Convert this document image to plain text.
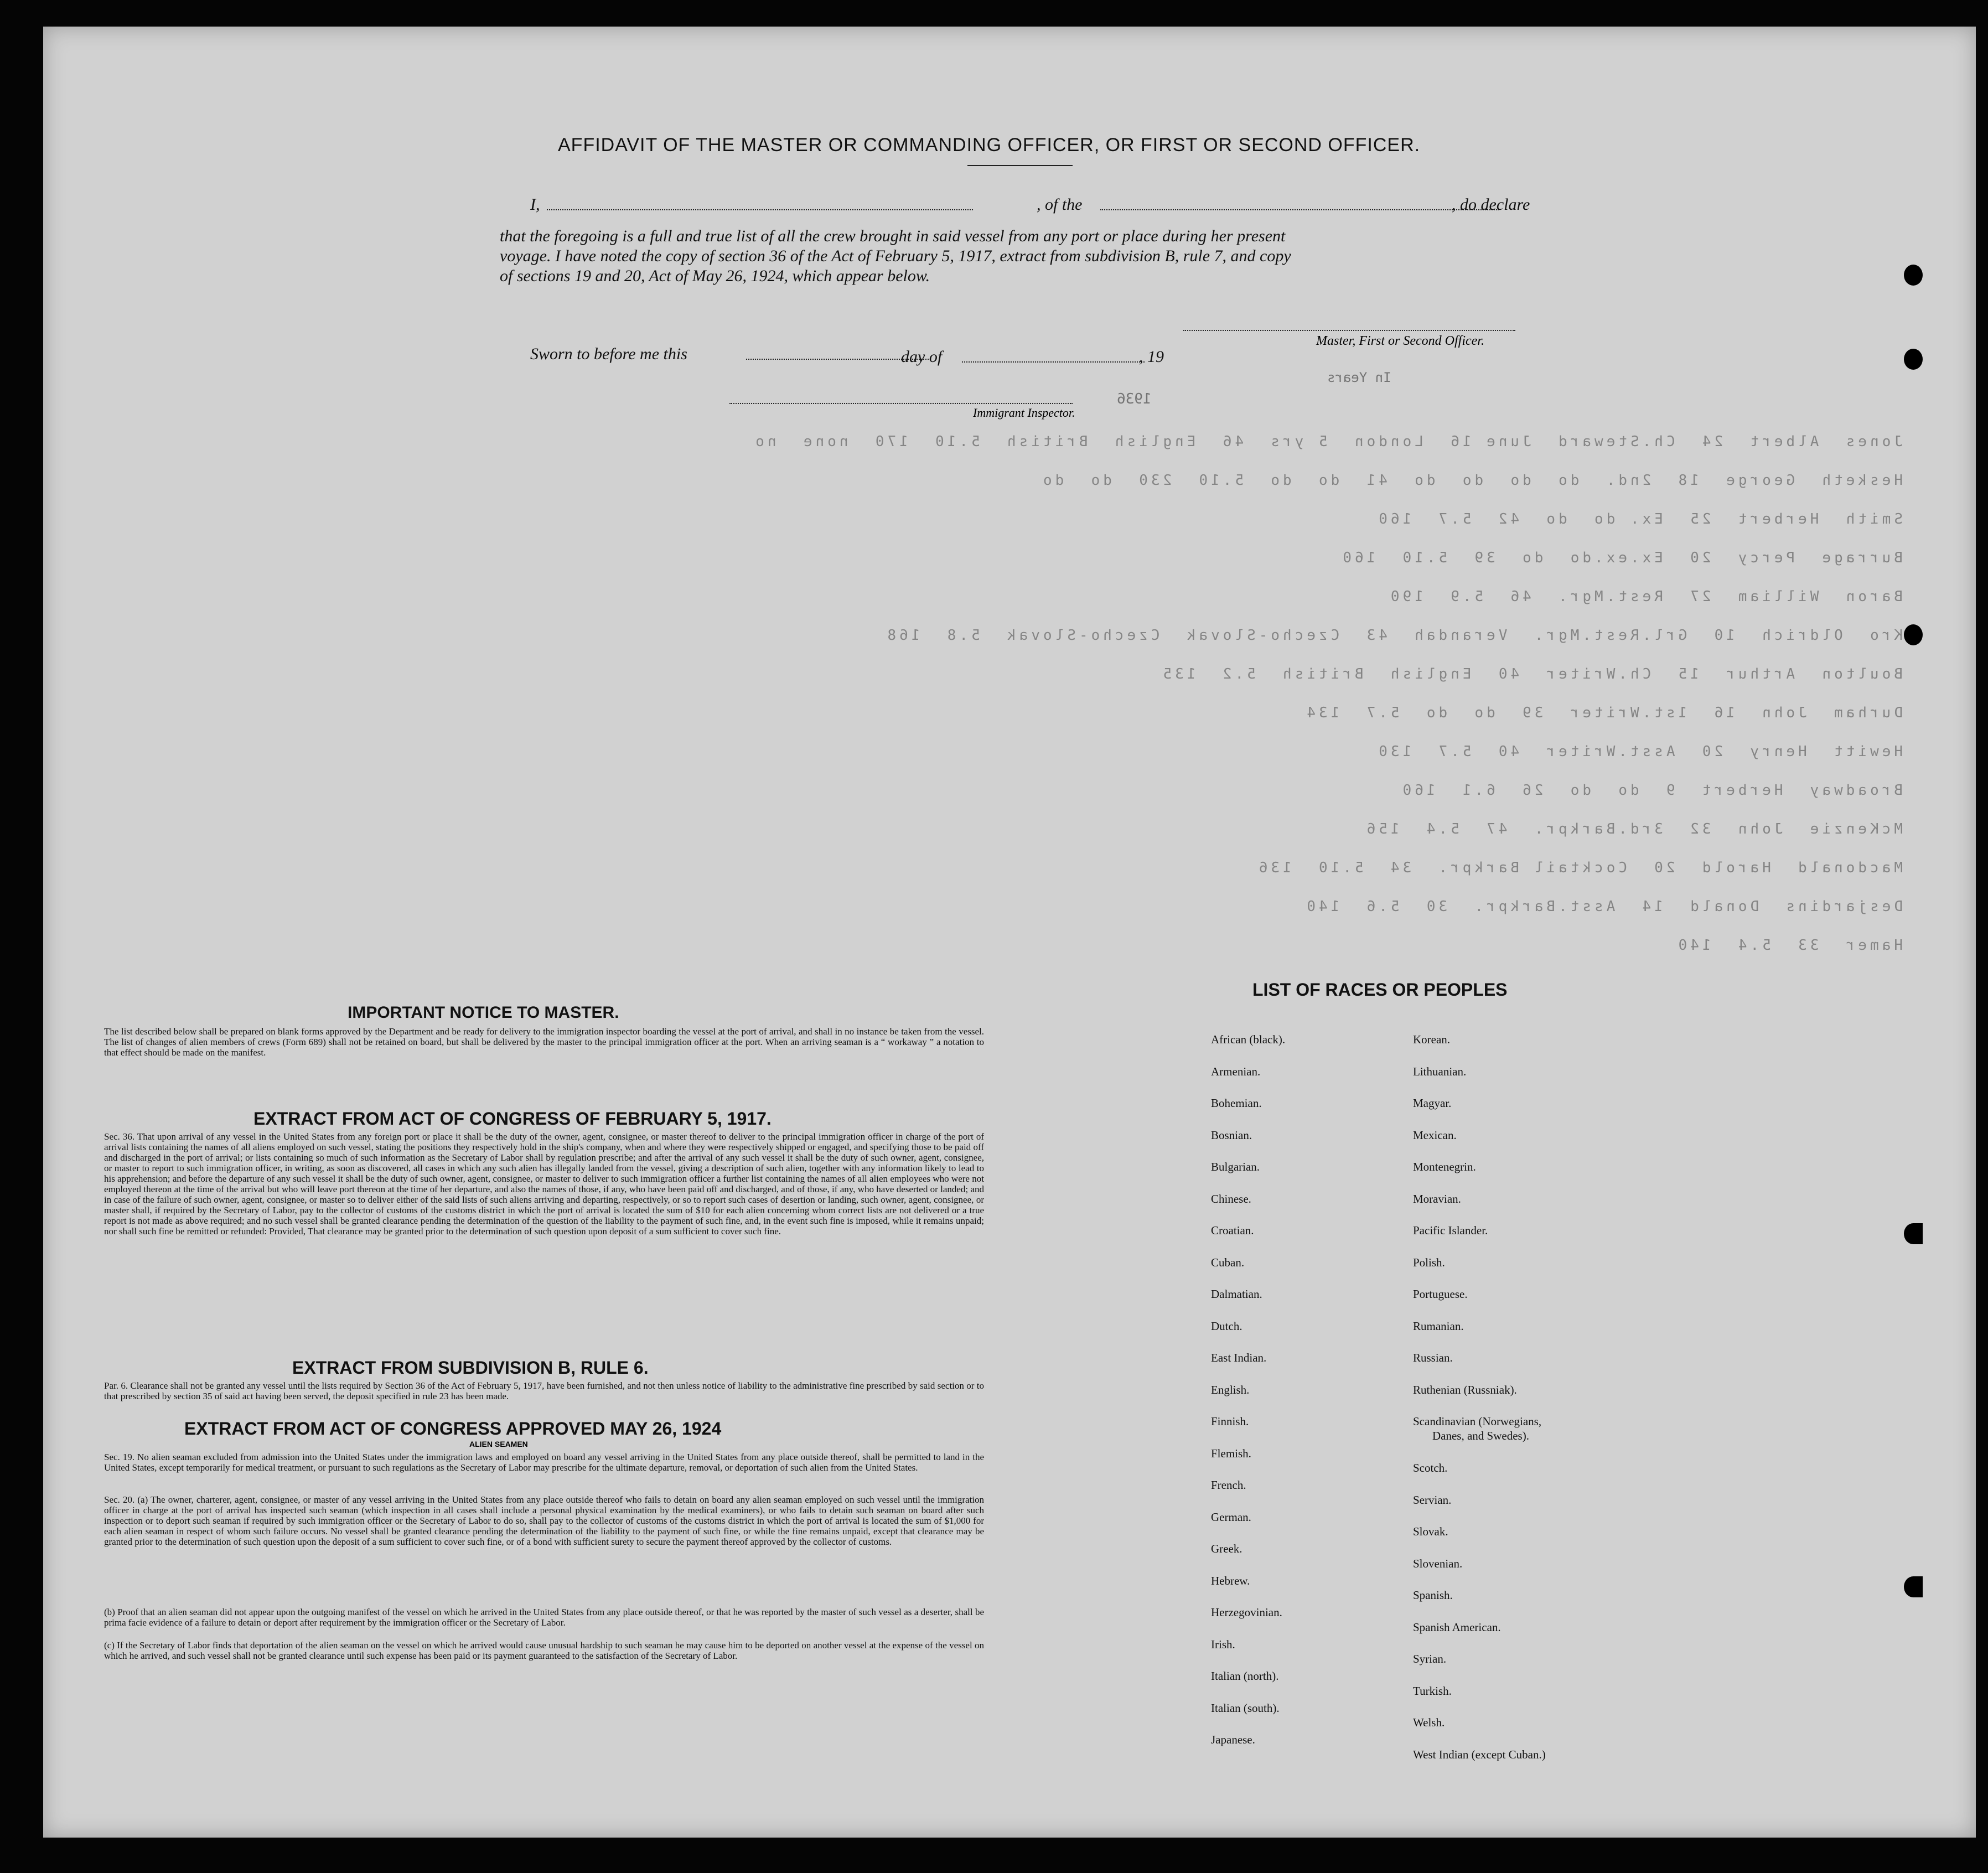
AFFIDAVIT OF THE MASTER OR COMMANDING OFFICER, OR FIRST OR SECOND OFFICER.
I,	, of the	, do declare
that the foregoing is a full and true list of all the crew brought in said vessel from any port or place during her present
voyage. I have noted the copy of section 36 of the Act of February 5, 1917, extract from subdivision B, rule 7, and copy
of sections 19 and 20, Act of May 26, 1924, which appear below.
Master, First or Second Officer.
Sworn to before me this	day of	, 19
Immigrant Inspector.
1936
In Years
Jones  Albert  24  Ch.Steward  June 16  London  5 yrs  46  English  British  5.10  170  none  no
Hesketh  George  18  2nd.  do  do  do  do  41  do  do  5.10  230  do  do
Smith  Herbert  25  Ex. do  do  42  5.7  160
Burrage  Percy  20  Ex.ex.do  do  39  5.10  160
Baron  William  27  Rest.Mgr.  46  5.9  190
Kro  Oldrich  10  Grl.Rest.Mgr.  Verandah  43  Czecho-Slovak  Czecho-Slovak  5.8  168
Boulton  Arthur  15  Ch.Writer  40  English  British  5.2  135
Durham  John  16  1st.Writer  39  do  do  5.7  134
Hewitt  Henry  20  Asst.Writer  40  5.7  130
Broadway  Herbert  9  do  do  26  6.1  160
McKenzie  John  32  3rd.Barkpr.  47  5.4  156
Macdonald  Harold  20  Cocktail Barkpr.  34  5.10  136
Desjardins  Donald  14  Asst.Barkpr.  30  5.6  140
Hamer  33  5.4  140
IMPORTANT NOTICE TO MASTER.
The list described below shall be prepared on blank forms approved by the Department and be ready for delivery to the immigration inspector boarding the vessel at the port of arrival, and shall in no instance be taken from the vessel. The list of changes of alien members of crews (Form 689) shall not be retained on board, but shall be delivered by the master to the principal immigration officer at the port. When an arriving seaman is a “ workaway ” a notation to that effect should be made on the manifest.
EXTRACT FROM ACT OF CONGRESS OF FEBRUARY 5, 1917.
Sec. 36. That upon arrival of any vessel in the United States from any foreign port or place it shall be the duty of the owner, agent, consignee, or master thereof to deliver to the principal immigration officer in charge of the port of arrival lists containing the names of all aliens employed on such vessel, stating the positions they respectively hold in the ship's company, when and where they were respectively shipped or engaged, and specifying those to be paid off and discharged in the port of arrival; or lists containing so much of such information as the Secretary of Labor shall by regulation prescribe; and after the arrival of any such vessel it shall be the duty of such owner, agent, consignee, or master to report to such immigration officer, in writing, as soon as discovered, all cases in which any such alien has illegally landed from the vessel, giving a description of such alien, together with any information likely to lead to his apprehension; and before the departure of any such vessel it shall be the duty of such owner, agent, consignee, or master to deliver to such immigration officer a further list containing the names of all alien employees who were not employed thereon at the time of the arrival but who will leave port thereon at the time of her departure, and also the names of those, if any, who have been paid off and discharged, and of those, if any, who have deserted or landed; and in case of the failure of such owner, agent, consignee, or master so to deliver either of the said lists of such aliens arriving and departing, respectively, or so to report such cases of desertion or landing, such owner, agent, consignee, or master shall, if required by the Secretary of Labor, pay to the collector of customs of the customs district in which the port of arrival is located the sum of $10 for each alien concerning whom correct lists are not delivered or a true report is not made as above required; and no such vessel shall be granted clearance pending the determination of the question of the liability to the payment of such fine, and, in the event such fine is imposed, while it remains unpaid; nor shall such fine be remitted or refunded: Provided, That clearance may be granted prior to the determination of such question upon deposit of a sum sufficient to cover such fine.
EXTRACT FROM SUBDIVISION B, RULE 6.
Par. 6. Clearance shall not be granted any vessel until the lists required by Section 36 of the Act of February 5, 1917, have been furnished, and not then unless notice of liability to the administrative fine prescribed by said section or to that prescribed by section 35 of said act having been served, the deposit specified in rule 23 has been made.
EXTRACT FROM ACT OF CONGRESS APPROVED MAY 26, 1924
ALIEN SEAMEN
Sec. 19. No alien seaman excluded from admission into the United States under the immigration laws and employed on board any vessel arriving in the United States from any place outside thereof, shall be permitted to land in the United States, except temporarily for medical treatment, or pursuant to such regulations as the Secretary of Labor may prescribe for the ultimate departure, removal, or deportation of such alien from the United States.
Sec. 20. (a) The owner, charterer, agent, consignee, or master of any vessel arriving in the United States from any place outside thereof who fails to detain on board any alien seaman employed on such vessel until the immigration officer in charge at the port of arrival has inspected such seaman (which inspection in all cases shall include a personal physical examination by the medical examiners), or who fails to detain such seaman on board after such inspection or to deport such seaman if required by such immigration officer or the Secretary of Labor to do so, shall pay to the collector of customs of the customs district in which the port of arrival is located the sum of $1,000 for each alien seaman in respect of whom such failure occurs. No vessel shall be granted clearance pending the determination of the liability to the payment of such fine, or while the fine remains unpaid, except that clearance may be granted prior to the determination of such question upon the deposit of a sum sufficient to cover such fine, or of a bond with sufficient surety to secure the payment thereof approved by the collector of customs.
(b) Proof that an alien seaman did not appear upon the outgoing manifest of the vessel on which he arrived in the United States from any place outside thereof, or that he was reported by the master of such vessel as a deserter, shall be prima facie evidence of a failure to detain or deport after requirement by the immigration officer or the Secretary of Labor.
(c) If the Secretary of Labor finds that deportation of the alien seaman on the vessel on which he arrived would cause unusual hardship to such seaman he may cause him to be deported on another vessel at the expense of the vessel on which he arrived, and such vessel shall not be granted clearance until such expense has been paid or its payment guaranteed to the satisfaction of the Secretary of Labor.
LIST OF RACES OR PEOPLES
African (black).
Armenian.
Bohemian.
Bosnian.
Bulgarian.
Chinese.
Croatian.
Cuban.
Dalmatian.
Dutch.
East Indian.
English.
Finnish.
Flemish.
French.
German.
Greek.
Hebrew.
Herzegovinian.
Irish.
Italian (north).
Italian (south).
Japanese.
Korean.
Lithuanian.
Magyar.
Mexican.
Montenegrin.
Moravian.
Pacific Islander.
Polish.
Portuguese.
Rumanian.
Russian.
Ruthenian (Russniak).
Scandinavian (Norwegians,
Danes, and Swedes).
Scotch.
Servian.
Slovak.
Slovenian.
Spanish.
Spanish American.
Syrian.
Turkish.
Welsh.
West Indian (except Cuban.)
